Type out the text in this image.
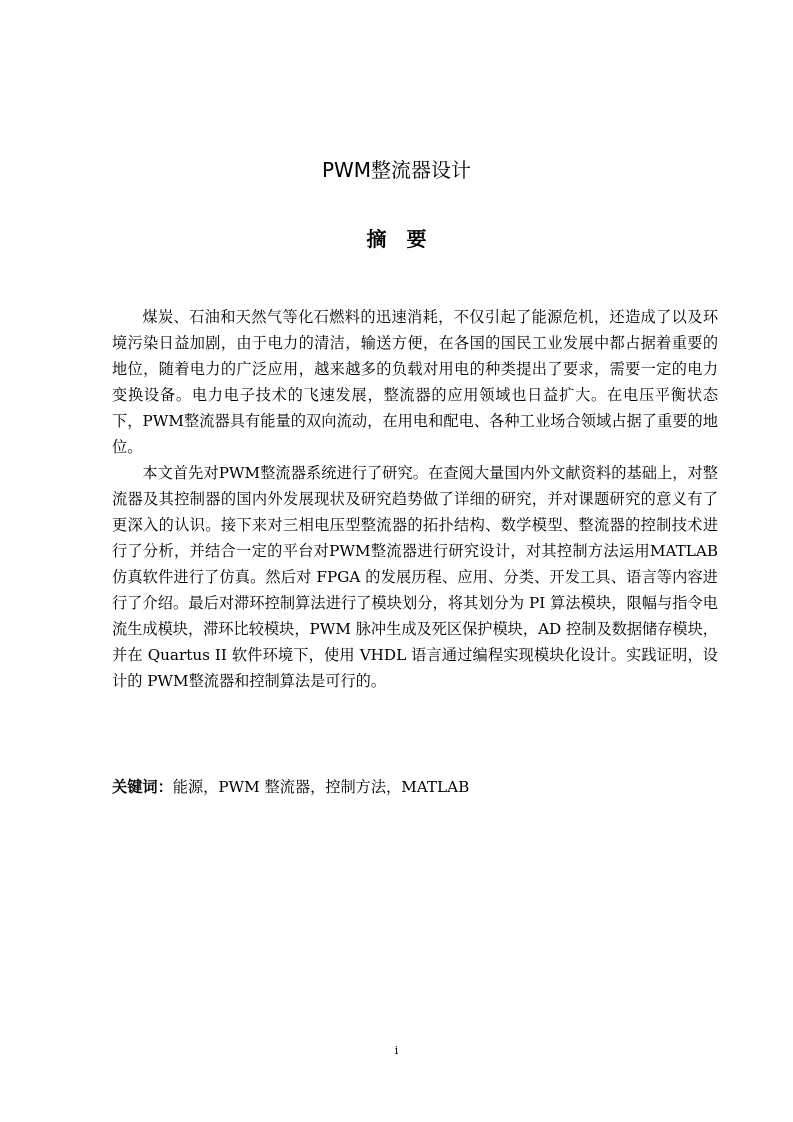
PWM整流器设计
摘要

煤炭、石油和天然气等化石燃料的迅速消耗，不仅引起了能源危机，还造成了以及环境污染日益加剧，由于电力的清洁，输送方便，在各国的国民工业发展中都占据着重要的地位，随着电力的广泛应用，越来越多的负载对用电的种类提出了要求，需要一定的电力变换设备。电力电子技术的飞速发展，整流器的应用领域也日益扩大。在电压平衡状态下，PWM整流器具有能量的双向流动，在用电和配电、各种工业场合领域占据了重要的地位。

本文首先对PWM整流器系统进行了研究。在查阅大量国内外文献资料的基础上，对整流器及其控制器的国内外发展现状及研究趋势做了详细的研究，并对课题研究的意义有了更深入的认识。接下来对三相电压型整流器的拓扑结构、数学模型、整流器的控制技术进行了分析，并结合一定的平台对PWM整流器进行研究设计，对其控制方法运用MATLAB 仿真软件进行了仿真。然后对 FPGA 的发展历程、应用、分类、开发工具、语言等内容进行了介绍。最后对滞环控制算法进行了模块划分，将其划分为 PI 算法模块，限幅与指令电流生成模块，滞环比较模块，PWM 脉冲生成及死区保护模块，AD 控制及数据储存模块，并在 Quartus II 软件环境下，使用 VHDL 语言通过编程实现模块化设计。实践证明，设计的 PWM整流器和控制算法是可行的。

关键词：能源，PWM 整流器，控制方法，MATLAB

i
